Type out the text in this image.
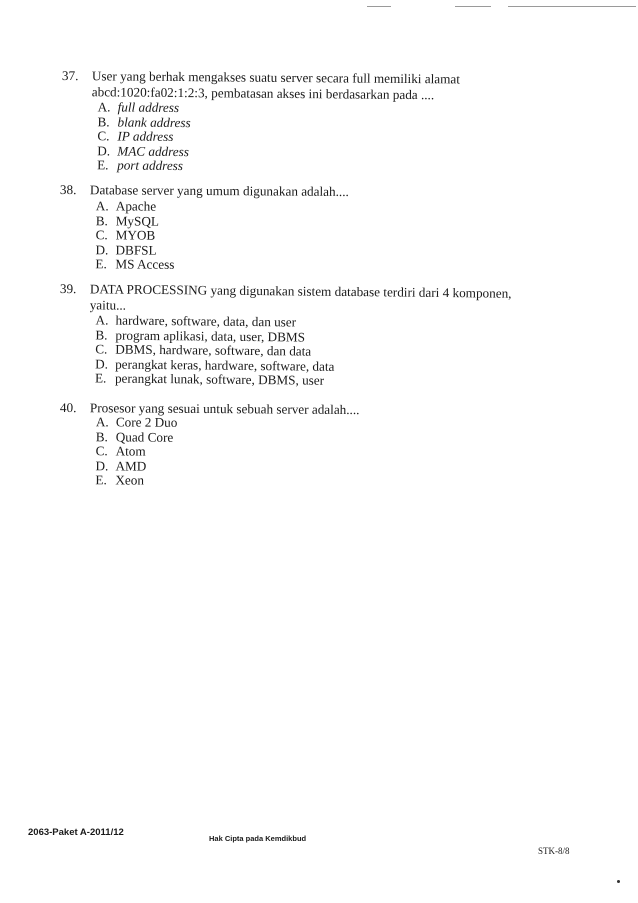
37. User yang berhak mengakses suatu server secara full memiliki alamat
abcd:1020:fa02:1:2:3, pembatasan akses ini berdasarkan pada ....
A. full address
B. blank address
C. IP address
D. MAC address
E. port address
38. Database server yang umum digunakan adalah....
A. Apache
B. MySQL
C. MYOB
D. DBFSL
E. MS Access
39. DATA PROCESSING yang digunakan sistem database terdiri dari 4 komponen,
yaitu...
A. hardware, software, data, dan user
B. program aplikasi, data, user, DBMS
C. DBMS, hardware, software, dan data
D. perangkat keras, hardware, software, data
E. perangkat lunak, software, DBMS, user
40. Prosesor yang sesuai untuk sebuah server adalah....
A. Core 2 Duo
B. Quad Core
C. Atom
D. AMD
E. Xeon
2063-Paket A-2011/12
Hak Cipta pada Kemdikbud
STK-8/8
